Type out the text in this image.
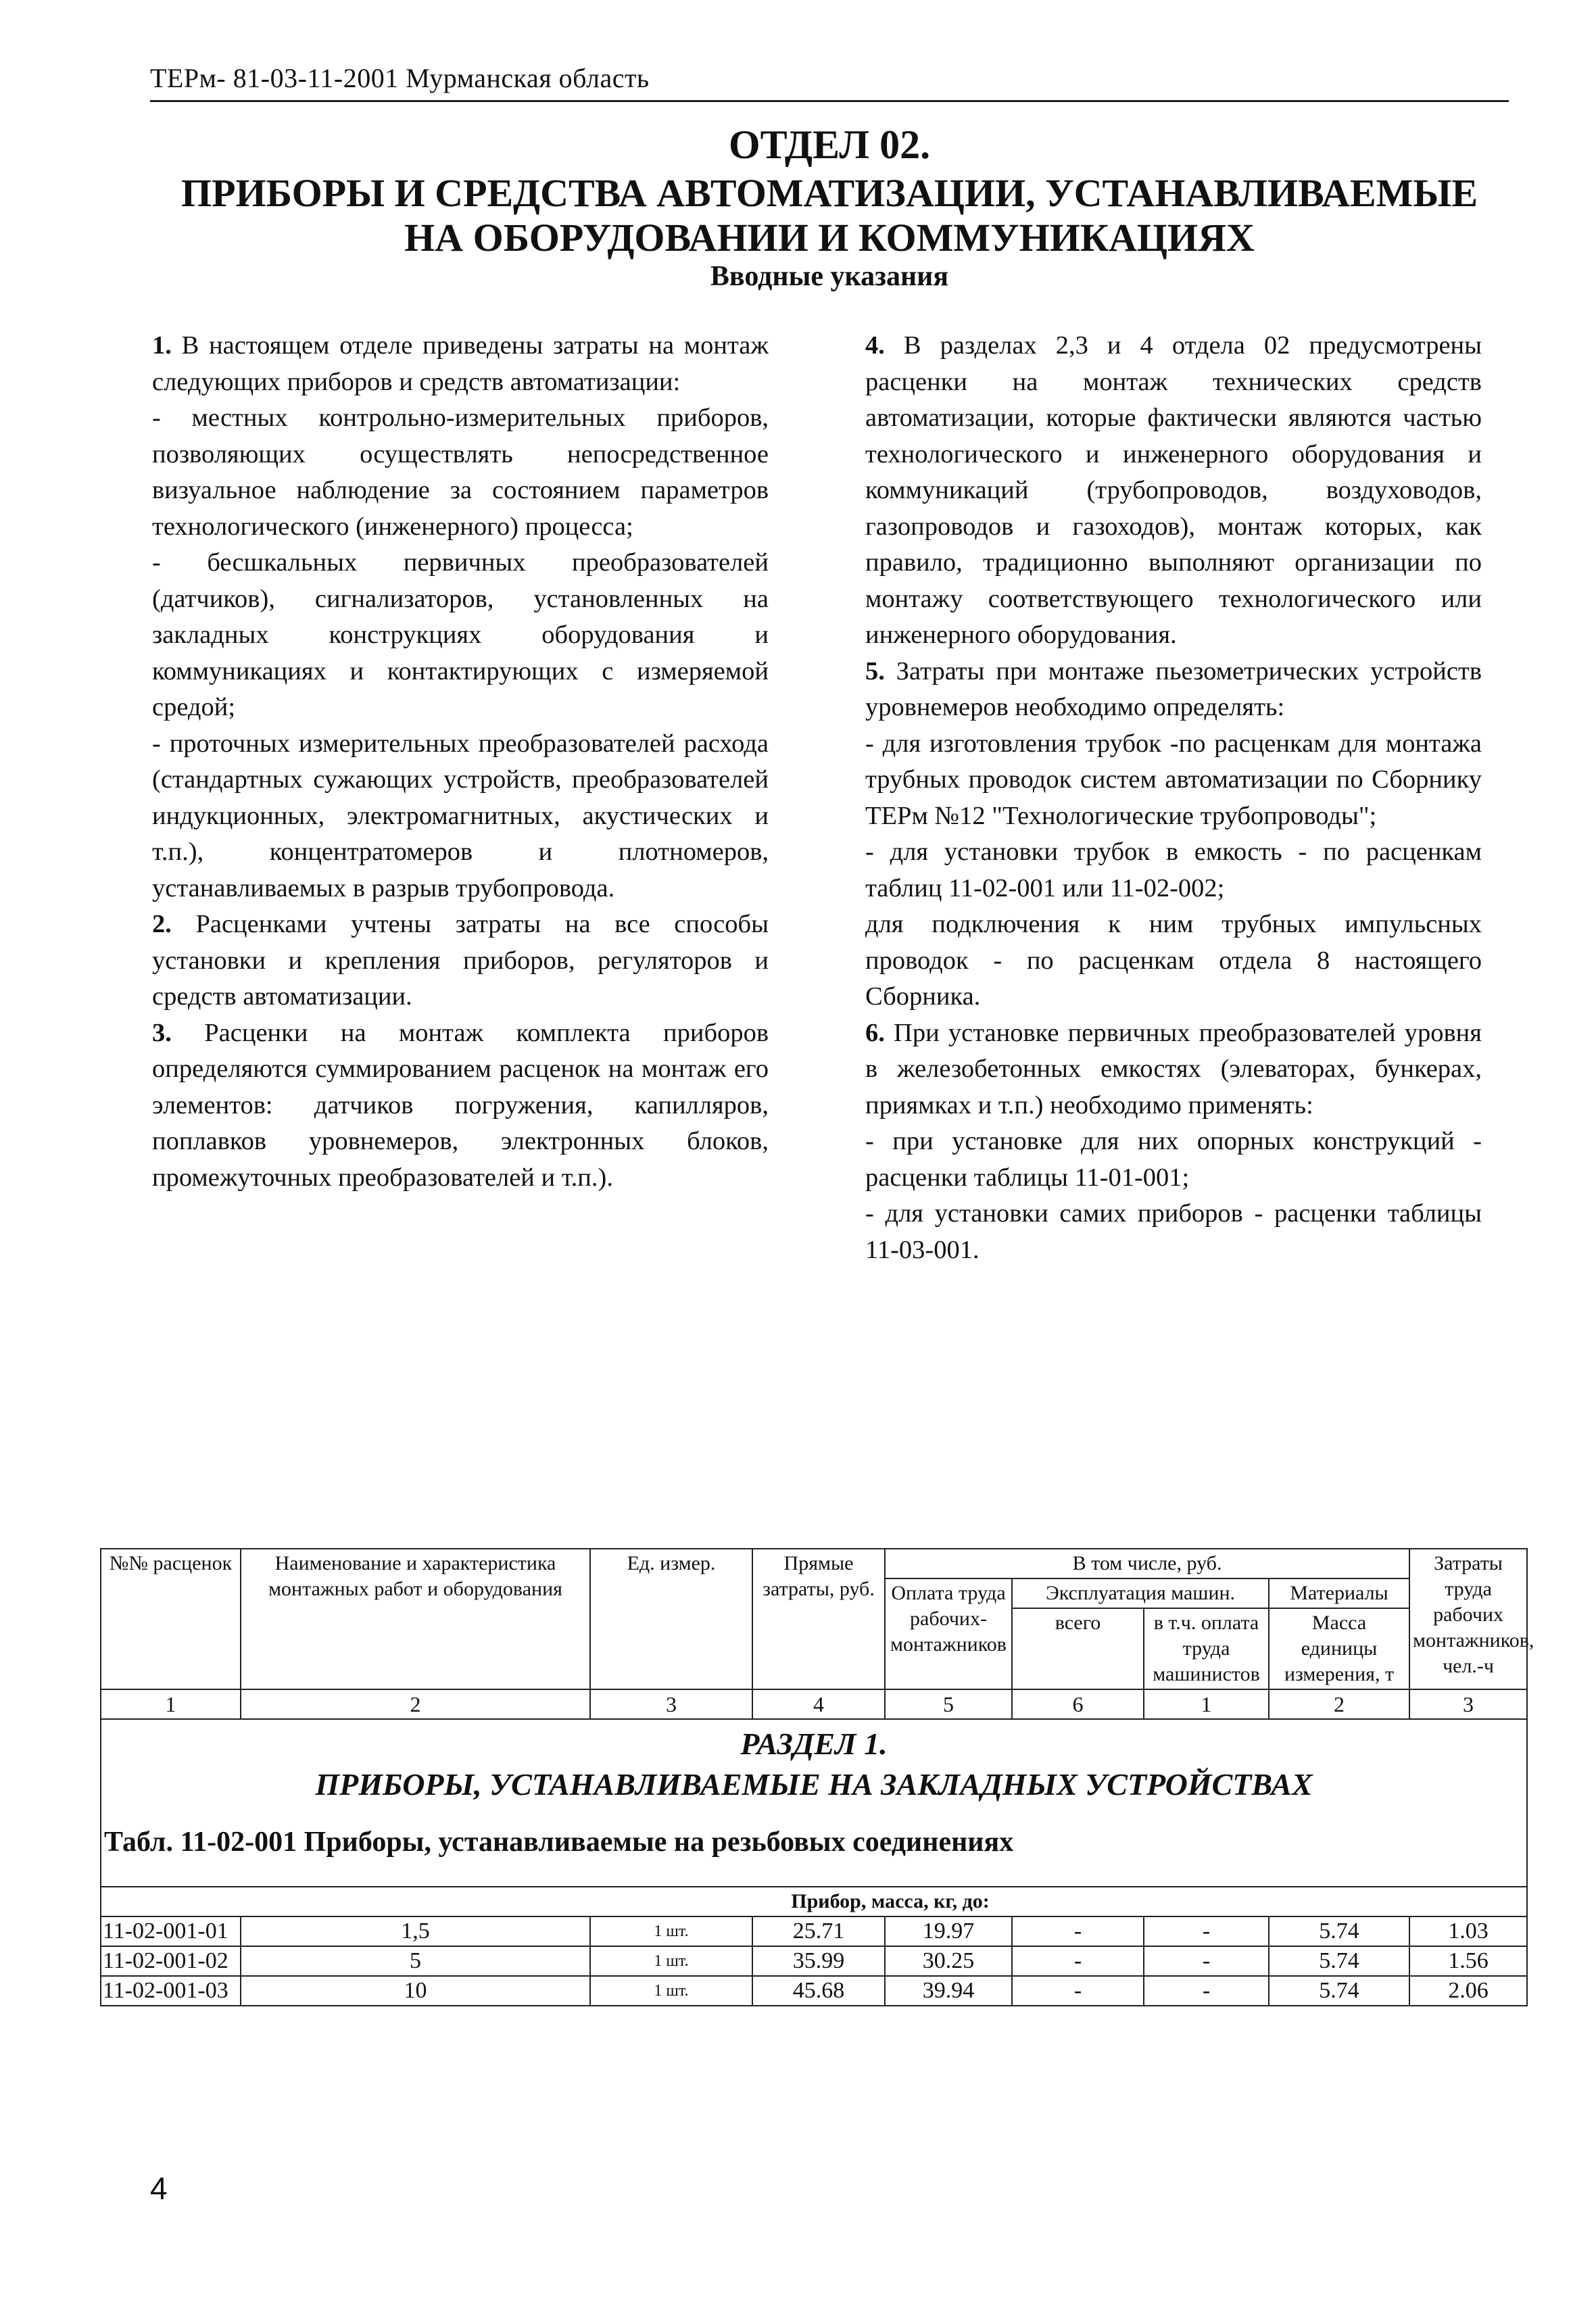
ТЕРм- 81-03-11-2001 Мурманская область
ОТДЕЛ 02.
ПРИБОРЫ И СРЕДСТВА АВТОМАТИЗАЦИИ, УСТАНАВЛИВАЕМЫЕ
НА ОБОРУДОВАНИИ И КОММУНИКАЦИЯХ
Вводные указания

1. В настоящем отделе приведены затраты на монтаж следующих приборов и средств автоматизации:

- местных контрольно-измерительных приборов, позволяющих осуществлять непосредственное визуальное наблюдение за состоянием параметров технологического (инженерного) процесса;

- бесшкальных первичных преобразователей (датчиков), сигнализаторов, установленных на закладных конструкциях оборудования и коммуникациях и контактирующих с измеряемой средой;

- проточных измерительных преобразователей расхода (стандартных сужающих устройств, преобразователей индукционных, электромагнитных, акустических и т.п.), концентратомеров и плотномеров, устанавливаемых в разрыв трубопровода.

2. Расценками учтены затраты на все способы установки и крепления приборов, регуляторов и средств автоматизации.

3. Расценки на монтаж комплекта приборов определяются суммированием расценок на монтаж его элементов: датчиков погружения, капилляров, поплавков уровнемеров, электронных блоков, промежуточных преобразователей и т.п.).

4. В разделах 2,3 и 4 отдела 02 предусмотрены расценки на монтаж технических средств автоматизации, которые фактически являются частью технологического и инженерного оборудования и коммуникаций (трубопроводов, воздуховодов, газопроводов и газоходов), монтаж которых, как правило, традиционно выполняют организации по монтажу соответствующего технологического или инженерного оборудования.

5. Затраты при монтаже пьезометрических устройств уровнемеров необходимо определять:

- для изготовления трубок -по расценкам для монтажа трубных проводок систем автоматизации по Сборнику ТЕРм №12 "Технологические трубопроводы";

- для установки трубок в емкость - по расценкам таблиц 11-02-001 или 11-02-002;

для подключения к ним трубных импульсных проводок - по расценкам отдела 8 настоящего Сборника.

6. При установке первичных преобразователей уровня в железобетонных емкостях (элеваторах, бункерах, приямках и т.п.) необходимо применять:

- при установке для них опорных конструкций - расценки таблицы 11-01-001;

- для установки самих приборов - расценки таблицы 11-03-001.

№№ расценок	Наименование и характеристика монтажных работ и оборудования	Ед. измер.	Прямые затраты, руб.	В том числе, руб.				Затраты труда рабочих монтажников, чел.-ч
				Оплата труда рабочих-монтажников	Эксплуатация машин.		Материалы	
					всего	в т.ч. оплата труда машинистов	Масса единицы измерения, т	
1	2	3	4	5	6	1	2	3

РАЗДЕЛ 1.
ПРИБОРЫ, УСТАНАВЛИВАЕМЫЕ НА ЗАКЛАДНЫХ УСТРОЙСТВАХ
Табл. 11-02-001 Приборы, устанавливаемые на резьбовых соединениях								

Прибор, масса, кг, до:								
11-02-001-01	1,5	1 шт.	25.71	19.97	-	-	5.74	1.03
11-02-001-02	5	1 шт.	35.99	30.25	-	-	5.74	1.56
11-02-001-03	10	1 шт.	45.68	39.94	-	-	5.74	2.06
4
